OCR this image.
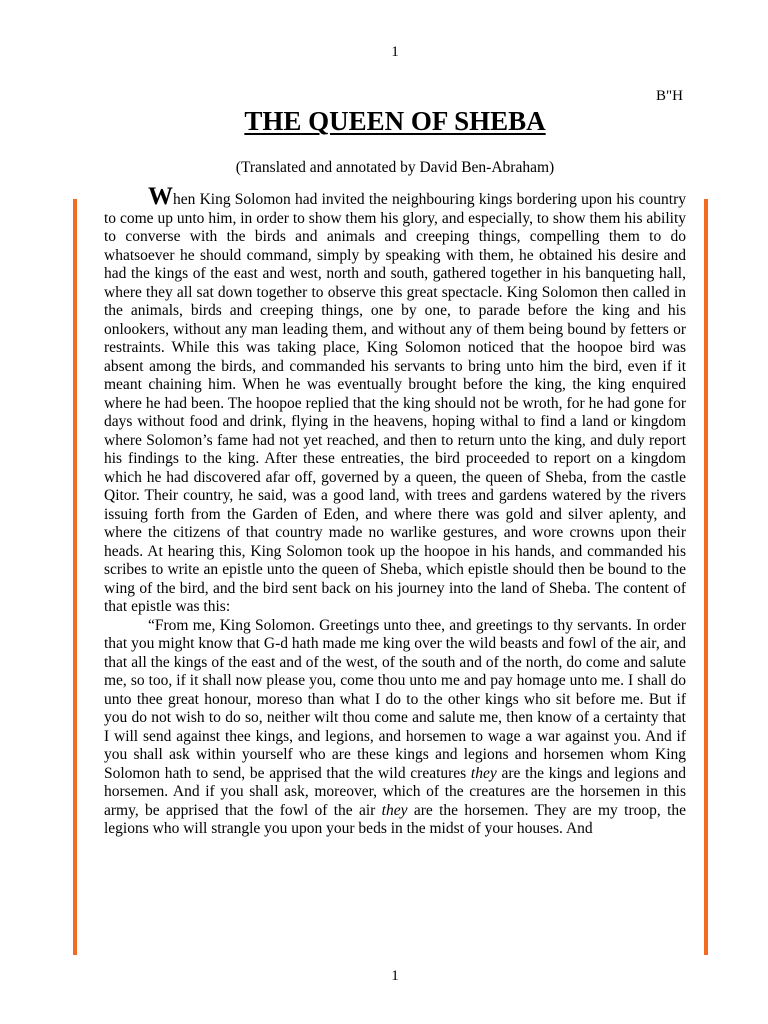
1
B"H
THE QUEEN OF SHEBA
(Translated and annotated by David Ben-Abraham)

When King Solomon had invited the neighbouring kings bordering upon his country to come up unto him, in order to show them his glory, and especially, to show them his ability to converse with the birds and animals and creeping things, compelling them to do whatsoever he should command, simply by speaking with them, he obtained his desire and had the kings of the east and west, north and south, gathered together in his banqueting hall, where they all sat down together to observe this great spectacle. King Solomon then called in the animals, birds and creeping things, one by one, to parade before the king and his onlookers, without any man leading them, and without any of them being bound by fetters or restraints. While this was taking place, King Solomon noticed that the hoopoe bird was absent among the birds, and commanded his servants to bring unto him the bird, even if it meant chaining him. When he was eventually brought before the king, the king enquired where he had been. The hoopoe replied that the king should not be wroth, for he had gone for days without food and drink, flying in the heavens, hoping withal to find a land or kingdom where Solomon’s fame had not yet reached, and then to return unto the king, and duly report his findings to the king. After these entreaties, the bird proceeded to report on a kingdom which he had discovered afar off, governed by a queen, the queen of Sheba, from the castle Qitor. Their country, he said, was a good land, with trees and gardens watered by the rivers issuing forth from the Garden of Eden, and where there was gold and silver aplenty, and where the citizens of that country made no warlike gestures, and wore crowns upon their heads. At hearing this, King Solomon took up the hoopoe in his hands, and commanded his scribes to write an epistle unto the queen of Sheba, which epistle should then be bound to the wing of the bird, and the bird sent back on his journey into the land of Sheba. The content of that epistle was this:

“From me, King Solomon. Greetings unto thee, and greetings to thy servants. In order that you might know that G-d hath made me king over the wild beasts and fowl of the air, and that all the kings of the east and of the west, of the south and of the north, do come and salute me, so too, if it shall now please you, come thou unto me and pay homage unto me. I shall do unto thee great honour, moreso than what I do to the other kings who sit before me. But if you do not wish to do so, neither wilt thou come and salute me, then know of a certainty that I will send against thee kings, and legions, and horsemen to wage a war against you. And if you shall ask within yourself who are these kings and legions and horsemen whom King Solomon hath to send, be apprised that the wild creatures they are the kings and legions and horsemen. And if you shall ask, moreover, which of the creatures are the horsemen in this army, be apprised that the fowl of the air they are the horsemen. They are my troop, the legions who will strangle you upon your beds in the midst of your houses. And

1
